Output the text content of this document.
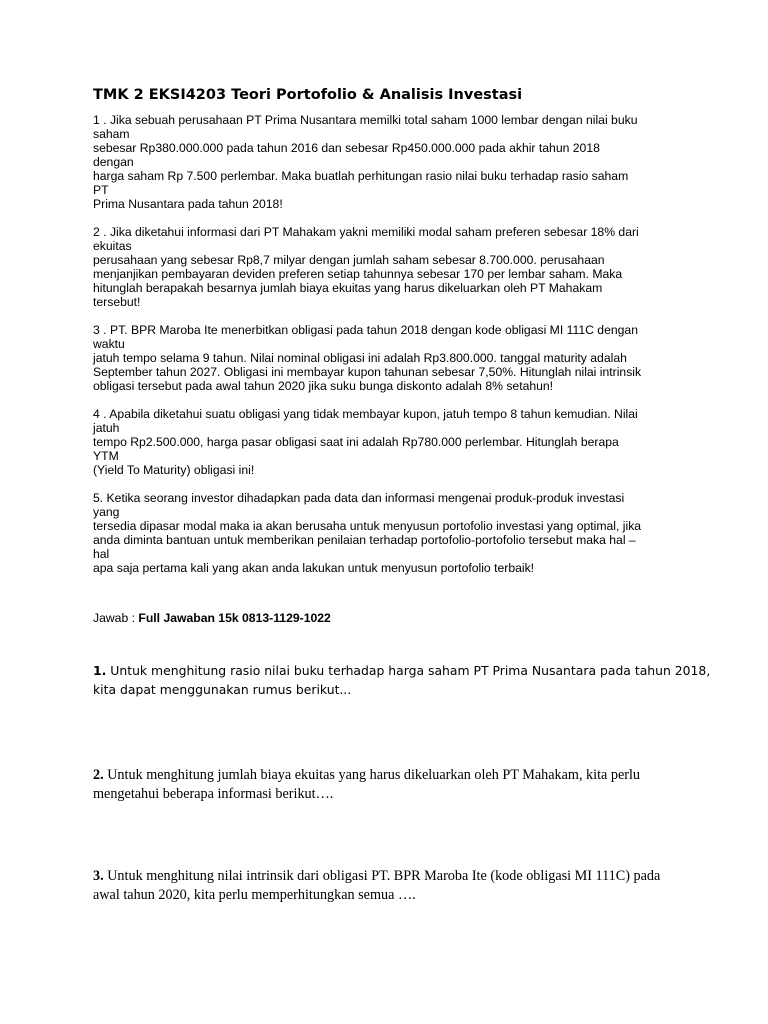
TMK 2 EKSI4203 Teori Portofolio & Analisis Investasi
1 . Jika sebuah perusahaan PT Prima Nusantara memilki total saham 1000 lembar dengan nilai buku
saham
sebesar Rp380.000.000 pada tahun 2016 dan sebesar Rp450.000.000 pada akhir tahun 2018
dengan
harga saham Rp 7.500 perlembar. Maka buatlah perhitungan rasio nilai buku terhadap rasio saham
PT
Prima Nusantara pada tahun 2018!
2 . Jika diketahui informasi dari PT Mahakam yakni memiliki modal saham preferen sebesar 18% dari
ekuitas
perusahaan yang sebesar Rp8,7 milyar dengan jumlah saham sebesar 8.700.000. perusahaan
menjanjikan pembayaran deviden preferen setiap tahunnya sebesar 170 per lembar saham. Maka
hitunglah berapakah besarnya jumlah biaya ekuitas yang harus dikeluarkan oleh PT Mahakam
tersebut!
3 . PT. BPR Maroba Ite menerbitkan obligasi pada tahun 2018 dengan kode obligasi MI 111C dengan
waktu
jatuh tempo selama 9 tahun. Nilai nominal obligasi ini adalah Rp3.800.000. tanggal maturity adalah
September tahun 2027. Obligasi ini membayar kupon tahunan sebesar 7,50%. Hitunglah nilai intrinsik
obligasi tersebut pada awal tahun 2020 jika suku bunga diskonto adalah 8% setahun!
4 . Apabila diketahui suatu obligasi yang tidak membayar kupon, jatuh tempo 8 tahun kemudian. Nilai
jatuh
tempo Rp2.500.000, harga pasar obligasi saat ini adalah Rp780.000 perlembar. Hitunglah berapa
YTM
(Yield To Maturity) obligasi ini!
5. Ketika seorang investor dihadapkan pada data dan informasi mengenai produk-produk investasi
yang
tersedia dipasar modal maka ia akan berusaha untuk menyusun portofolio investasi yang optimal, jika
anda diminta bantuan untuk memberikan penilaian terhadap portofolio-portofolio tersebut maka hal –
hal
apa saja pertama kali yang akan anda lakukan untuk menyusun portofolio terbaik!
Jawab : Full Jawaban 15k 0813-1129-1022
1. Untuk menghitung rasio nilai buku terhadap harga saham PT Prima Nusantara pada tahun 2018,
kita dapat menggunakan rumus berikut...
2. Untuk menghitung jumlah biaya ekuitas yang harus dikeluarkan oleh PT Mahakam, kita perlu
mengetahui beberapa informasi berikut….
3. Untuk menghitung nilai intrinsik dari obligasi PT. BPR Maroba Ite (kode obligasi MI 111C) pada
awal tahun 2020, kita perlu memperhitungkan semua ….
